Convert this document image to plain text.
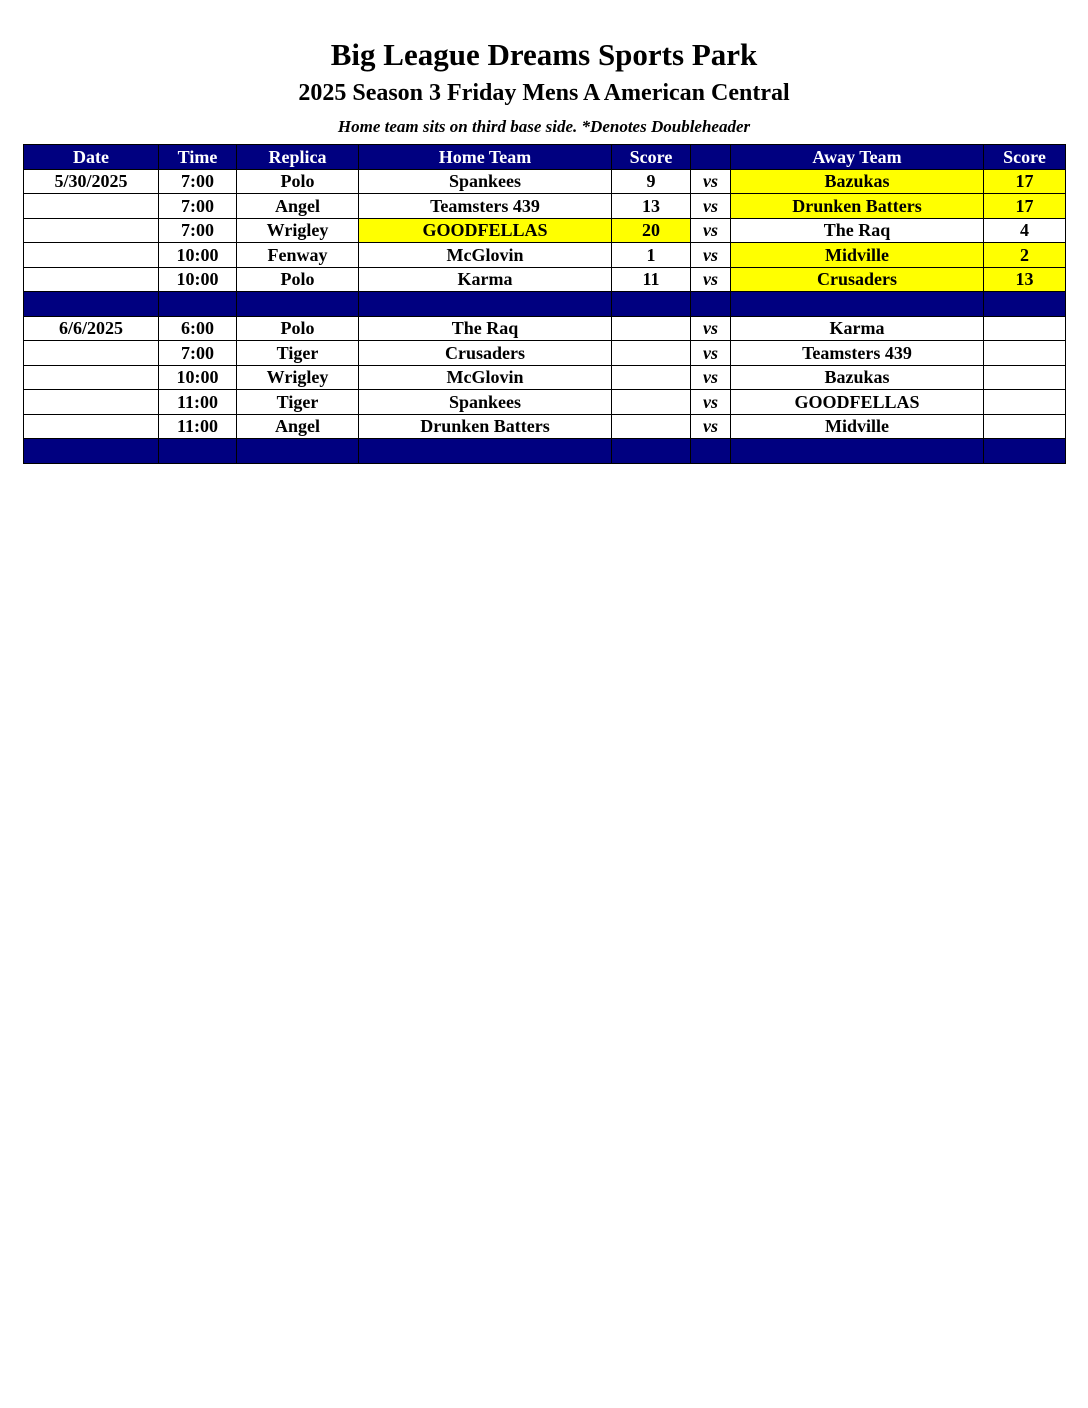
Big League Dreams Sports Park
2025 Season 3 Friday Mens A American Central
Home team sits on third base side. *Denotes Doubleheader
Date	Time	Replica	Home Team	Score		Away Team	Score
5/30/2025	7:00	Polo	Spankees	9	vs	Bazukas	17
	7:00	Angel	Teamsters 439	13	vs	Drunken Batters	17
	7:00	Wrigley	GOODFELLAS	20	vs	The Raq	4
	10:00	Fenway	McGlovin	1	vs	Midville	2
	10:00	Polo	Karma	11	vs	Crusaders	13

6/6/2025	6:00	Polo	The Raq		vs	Karma	
	7:00	Tiger	Crusaders		vs	Teamsters 439	
	10:00	Wrigley	McGlovin		vs	Bazukas	
	11:00	Tiger	Spankees		vs	GOODFELLAS	
	11:00	Angel	Drunken Batters		vs	Midville	
